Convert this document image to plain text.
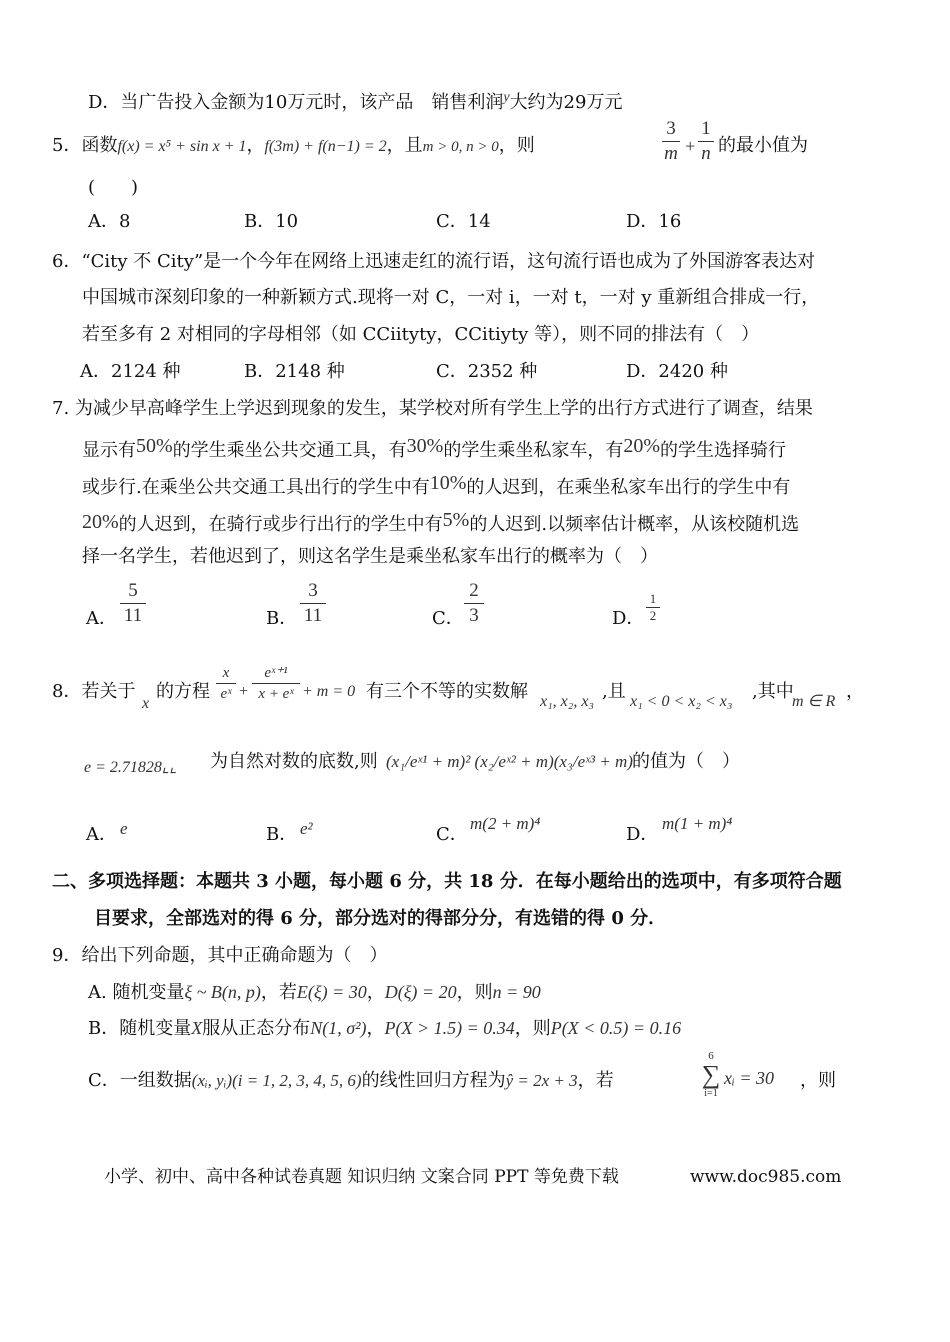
D．当广告投入金额为10万元时，该产品　销售利润$^y$大约为29万元
5．函数f(x) = x⁵ + sin x + 1，f(3m) + f(n−1) = 2，且m > 0, n > 0，则
3
m +
1
n 的最小值为
(　　)
A．8	B．10	C．14	D．16
6．“City 不 City”是一个今年在网络上迅速走红的流行语，这句流行语也成为了外国游客表达对
中国城市深刻印象的一种新颖方式.现将一对 C，一对 i，一对 t，一对 y 重新组合排成一行，
若至多有 2 对相同的字母相邻（如 CCiityty，CCitiyty 等），则不同的排法有（　）
A．2124 种	B．2148 种	C．2352 种	D．2420 种
7. 为减少早高峰学生上学迟到现象的发生，某学校对所有学生上学的出行方式进行了调查，结果
显示有50%的学生乘坐公共交通工具，有30%的学生乘坐私家车，有20%的学生选择骑行
或步行.在乘坐公共交通工具出行的学生中有10%的人迟到，在乘坐私家车出行的学生中有
20%的人迟到，在骑行或步行出行的学生中有5%的人迟到.以频率估计概率，从该校随机选
择一名学生，若他迟到了，则这名学生是乘坐私家车出行的概率为（　）
A．
5
11	B．
3
11	C．
2
3	D．
1
2
8．若关于
x
的方程
x
eˣ +
eˣ⁺¹
x + eˣ + m = 0 有三个不等的实数解 x₁, x₂, x₃ ,且 x₁ < 0 < x₂ < x₃ ,其中
m ∈ R ，
e = 2.71828⌞⌞ 为自然对数的底数,则 (x₁/eˣ¹ + m)² (x₂/eˣ² + m)(x₃/eˣ³ + m) 的值为（　）
A． e	B． e²	C．
m(2 + m)⁴
D．
m(1 + m)⁴
二、多项选择题：本题共 3 小题，每小题 6 分，共 18 分．在每小题给出的选项中，有多项符合题
目要求，全部选对的得 6 分，部分选对的得部分分，有选错的得 0 分．
9．给出下列命题，其中正确命题为（　）
A. 随机变量ξ ~ B(n, p)，若E(ξ) = 30，D(ξ) = 20，则n = 90
B．随机变量X服从正态分布N(1, σ²)，P(X > 1.5) = 0.34，则P(X < 0.5) = 0.16
C．一组数据(xᵢ, yᵢ)(i = 1, 2, 3, 4, 5, 6)的线性回归方程为ŷ = 2x + 3，若
6
∑
i=1
xᵢ = 30 ，则
小学、初中、高中各种试卷真题 知识归纳 文案合同 PPT 等免费下载	www.doc985.com
